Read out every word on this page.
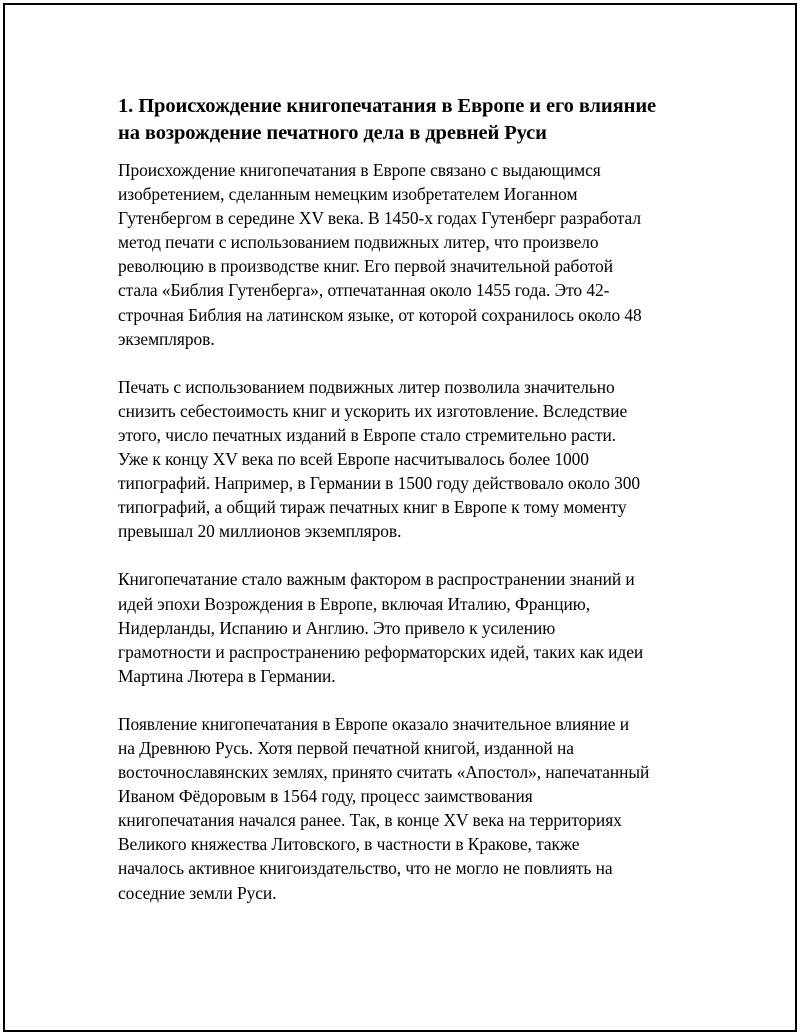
1. Происхождение книгопечатания в Европе и его влияние
на возрождение печатного дела в древней Руси

Происхождение книгопечатания в Европе связано с выдающимся
изобретением, сделанным немецким изобретателем Иоганном
Гутенбергом в середине XV века. В 1450-х годах Гутенберг разработал
метод печати с использованием подвижных литер, что произвело
революцию в производстве книг. Его первой значительной работой
стала «Библия Гутенберга», отпечатанная около 1455 года. Это 42-
строчная Библия на латинском языке, от которой сохранилось около 48
экземпляров.

Печать с использованием подвижных литер позволила значительно
снизить себестоимость книг и ускорить их изготовление. Вследствие
этого, число печатных изданий в Европе стало стремительно расти.
Уже к концу XV века по всей Европе насчитывалось более 1000
типографий. Например, в Германии в 1500 году действовало около 300
типографий, а общий тираж печатных книг в Европе к тому моменту
превышал 20 миллионов экземпляров.

Книгопечатание стало важным фактором в распространении знаний и
идей эпохи Возрождения в Европе, включая Италию, Францию,
Нидерланды, Испанию и Англию. Это привело к усилению
грамотности и распространению реформаторских идей, таких как идеи
Мартина Лютера в Германии.

Появление книгопечатания в Европе оказало значительное влияние и
на Древнюю Русь. Хотя первой печатной книгой, изданной на
восточнославянских землях, принято считать «Апостол», напечатанный
Иваном Фёдоровым в 1564 году, процесс заимствования
книгопечатания начался ранее. Так, в конце XV века на территориях
Великого княжества Литовского, в частности в Кракове, также
началось активное книгоиздательство, что не могло не повлиять на
соседние земли Руси.
